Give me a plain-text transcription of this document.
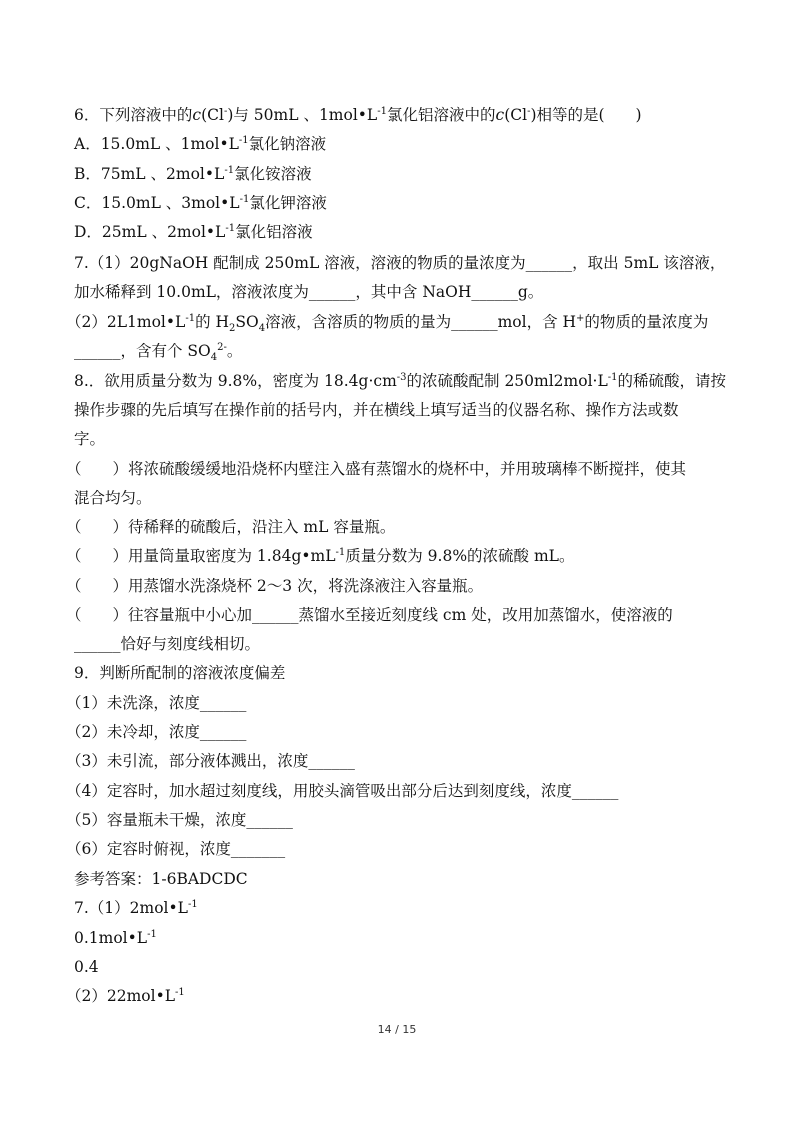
6．下列溶液中的c(Cl-)与 50mL 、$1mol•L^{-1}$氯化铝溶液中的c(Cl-)相等的是(　　)
A．15.0mL 、$1mol•L^{-1}$氯化钠溶液
B．75mL 、$2mol•L^{-1}$氯化铵溶液
C．15.0mL 、$3mol•L^{-1}$氯化钾溶液
D．25mL 、$2mol•L^{-1}$氯化铝溶液
7.（1）20gNaOH 配制成 250mL 溶液，溶液的物质的量浓度为______，取出 5mL 该溶液，
加水稀释到 10.0mL，溶液浓度为______，其中含 NaOH______g。
$(2)2L1mol•L^{-1}$的 $H_2SO_4$溶液，含溶质的物质的量为______mol，含 H+的物质的量浓度为
______，含有个 $SO_4^{2-}$。
8.．欲用质量分数为 9.8%，密度为 $18.4g\cdot cm^{-3}$的浓硫酸配制 $250ml2mol\cdot L^{-1}$的稀硫酸，请按
操作步骤的先后填写在操作前的括号内，并在横线上填写适当的仪器名称、操作方法或数
字。
（　　）将浓硫酸缓缓地沿烧杯内壁注入盛有蒸馏水的烧杯中，并用玻璃棒不断搅拌，使其
混合均匀。
（　　）待稀释的硫酸后，沿注入 mL 容量瓶。
（　　）用量筒量取密度为 $1.84g•mL^{-1}$质量分数为 9.8%的浓硫酸 mL。
（　　）用蒸馏水洗涤烧杯 2～3 次，将洗涤液注入容量瓶。
（　　）往容量瓶中小心加______蒸馏水至接近刻度线 cm 处，改用加蒸馏水，使溶液的
______恰好与刻度线相切。
9．判断所配制的溶液浓度偏差
（1）未洗涤，浓度______
（2）未冷却，浓度______
（3）未引流，部分液体溅出，浓度______
（4）定容时，加水超过刻度线，用胶头滴管吸出部分后达到刻度线，浓度______
（5）容量瓶未干燥，浓度______
（6）定容时俯视，浓度_______
参考答案：1-6BADCDC
$7.(1)2mol•L^{-1}$
$0.1mol•L^{-1}$
0.4
$(2)22mol•L^{-1}$
14 / 15
